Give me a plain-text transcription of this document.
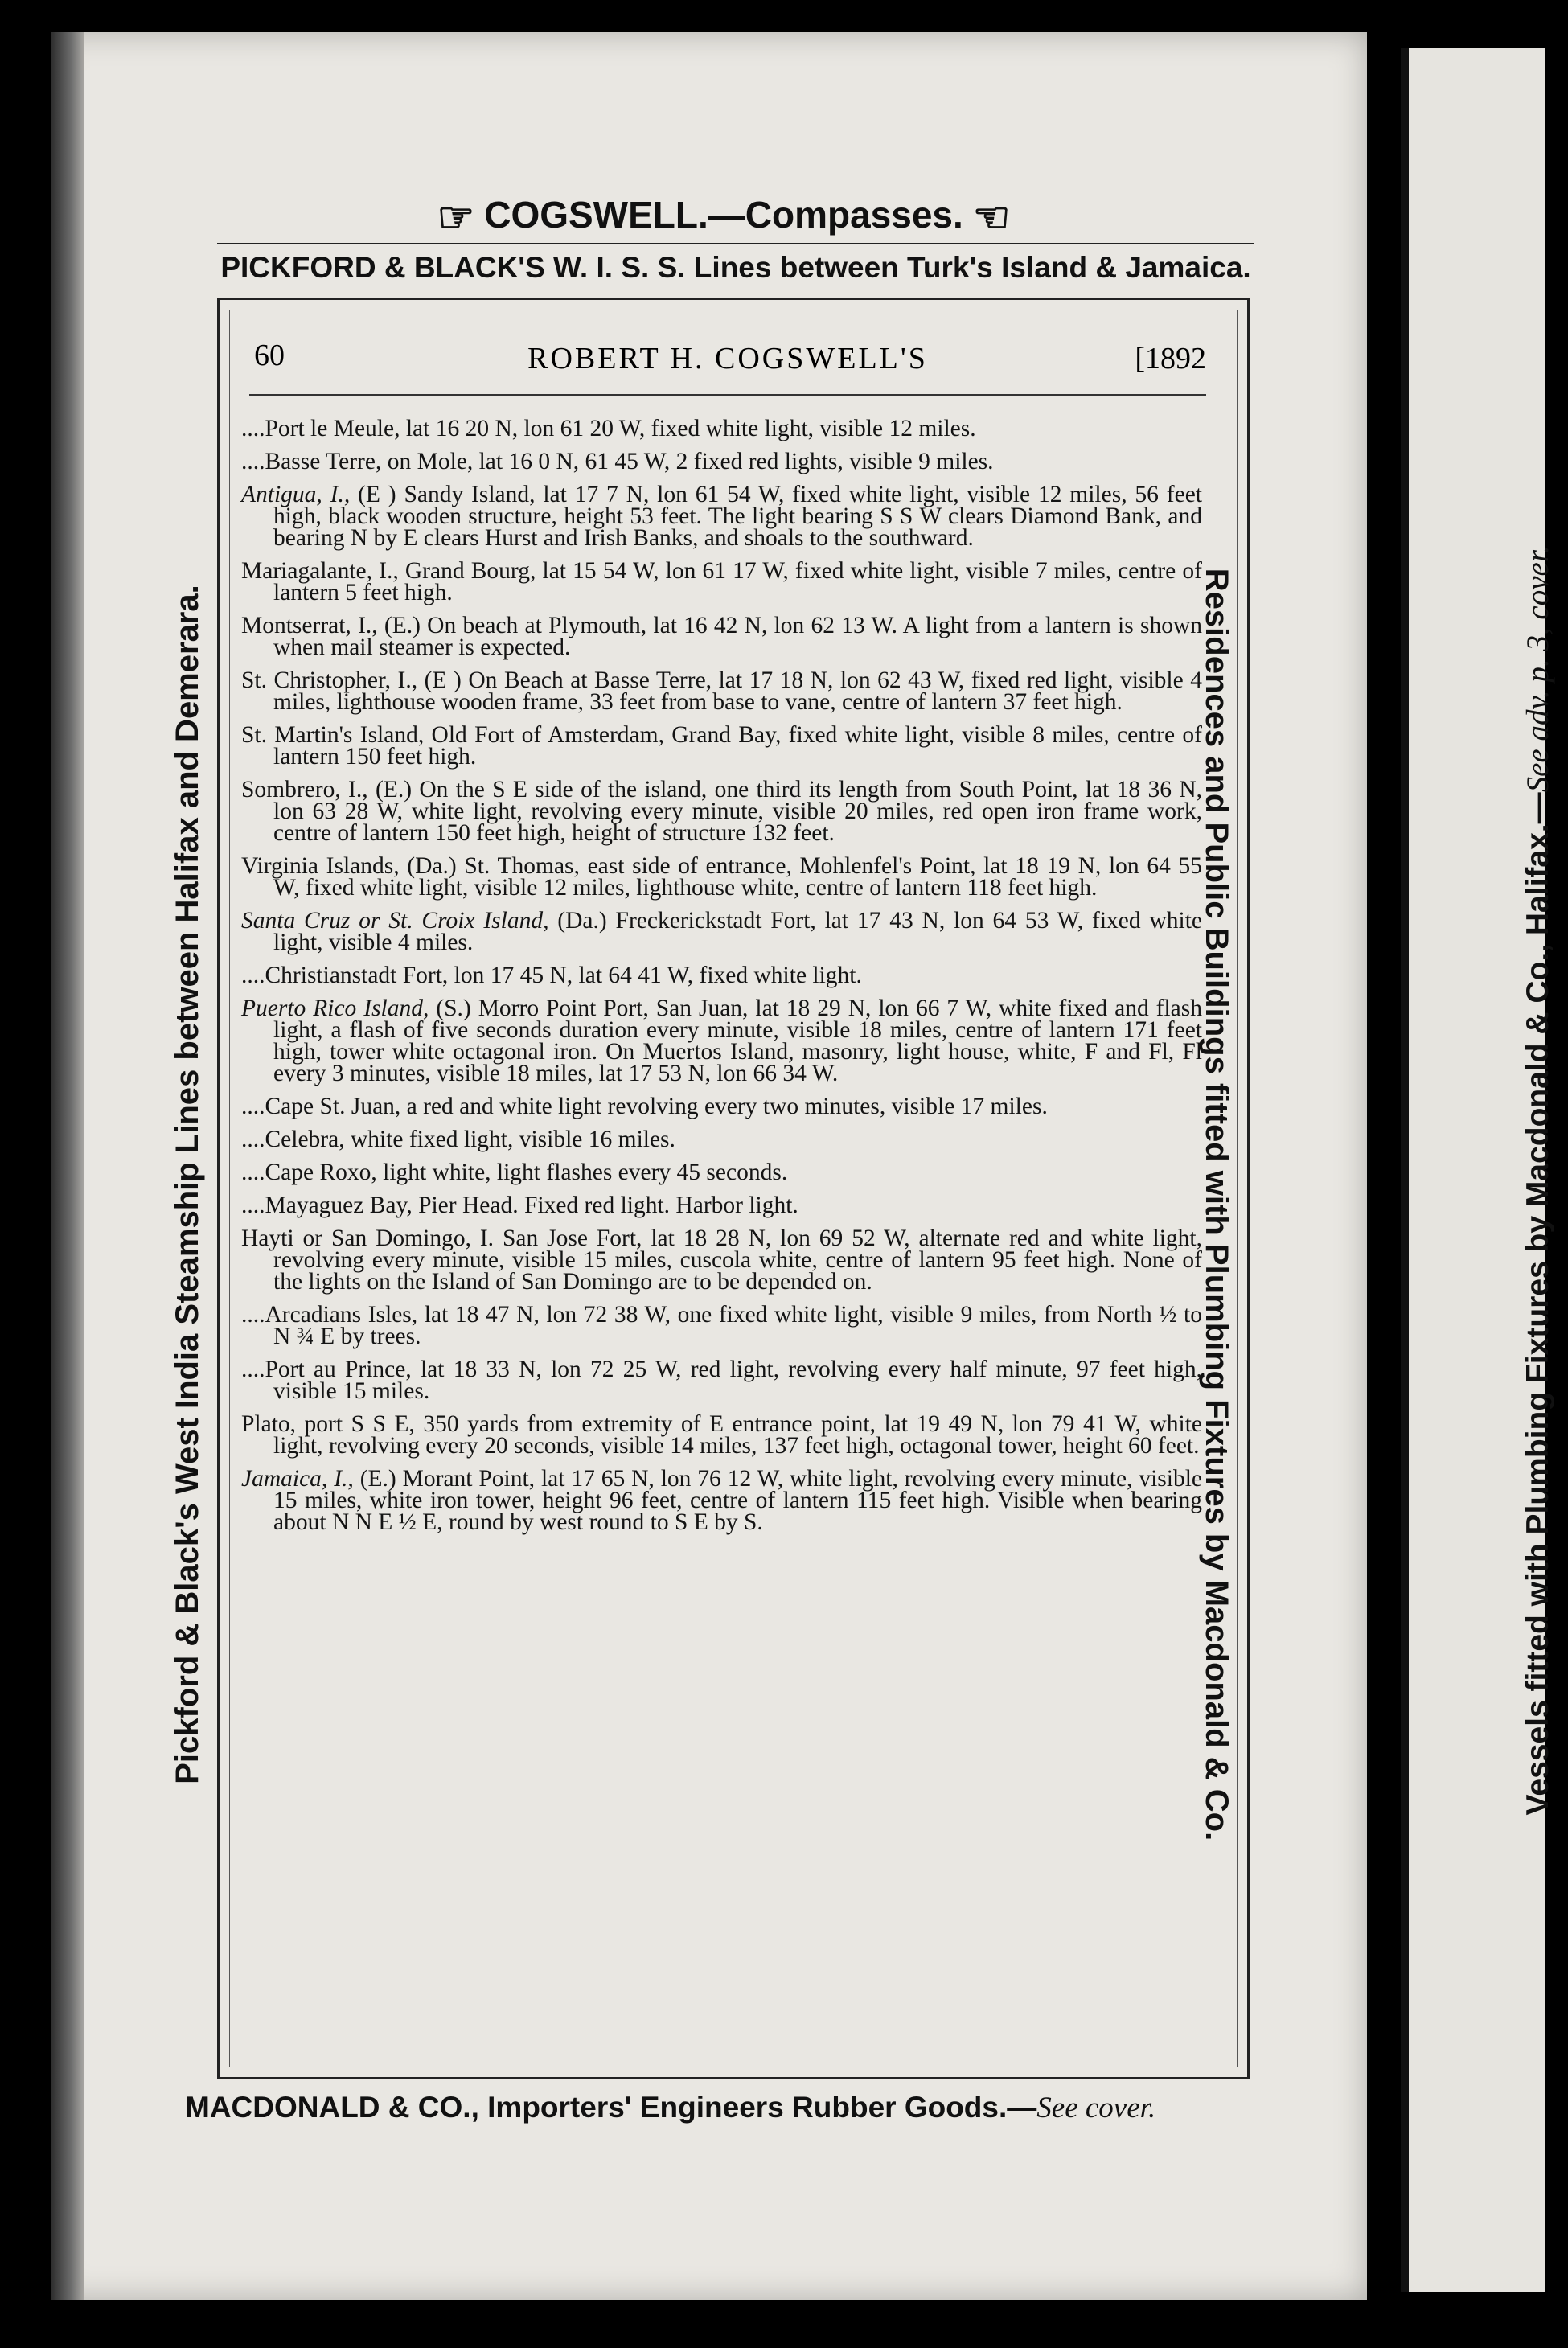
☞ COGSWELL.—Compasses. ☜
PICKFORD & BLACK'S W. I. S. S. Lines between Turk's Island & Jamaica.
Pickford & Black's West India Steamship Lines between Halifax and Demerara.	Residences and Public Buildings fitted with Plumbing Fixtures by Macdonald & Co.	Vessels fitted with Plumbing Fixtures by Macdonald & Co., Halifax.—See adv. p. 3, cover.
60	ROBERT H. COGSWELL'S	[1892

....Port le Meule, lat 16 20 N, lon 61 20 W, fixed white light, visible 12 miles.

....Basse Terre, on Mole, lat 16 0 N, 61 45 W, 2 fixed red lights, visible 9 miles.

Antigua, I., (E ) Sandy Island, lat 17 7 N, lon 61 54 W, fixed white light, visible 12 miles, 56 feet high, black wooden structure, height 53 feet. The light bearing S S W clears Diamond Bank, and bearing N by E clears Hurst and Irish Banks, and shoals to the southward.

Mariagalante, I., Grand Bourg, lat 15 54 W, lon 61 17 W, fixed white light, visible 7 miles, centre of lantern 5 feet high.

Montserrat, I., (E.) On beach at Plymouth, lat 16 42 N, lon 62 13 W. A light from a lantern is shown when mail steamer is expected.

St. Christopher, I., (E ) On Beach at Basse Terre, lat 17 18 N, lon 62 43 W, fixed red light, visible 4 miles, lighthouse wooden frame, 33 feet from base to vane, centre of lantern 37 feet high.

St. Martin's Island, Old Fort of Amsterdam, Grand Bay, fixed white light, visible 8 miles, centre of lantern 150 feet high.

Sombrero, I., (E.) On the S E side of the island, one third its length from South Point, lat 18 36 N, lon 63 28 W, white light, revolving every minute, visible 20 miles, red open iron frame work, centre of lantern 150 feet high, height of structure 132 feet.

Virginia Islands, (Da.) St. Thomas, east side of entrance, Mohlenfel's Point, lat 18 19 N, lon 64 55 W, fixed white light, visible 12 miles, lighthouse white, centre of lantern 118 feet high.

Santa Cruz or St. Croix Island, (Da.) Freckerickstadt Fort, lat 17 43 N, lon 64 53 W, fixed white light, visible 4 miles.

....Christianstadt Fort, lon 17 45 N, lat 64 41 W, fixed white light.

Puerto Rico Island, (S.) Morro Point Port, San Juan, lat 18 29 N, lon 66 7 W, white fixed and flash light, a flash of five seconds duration every minute, visible 18 miles, centre of lantern 171 feet high, tower white octagonal iron. On Muertos Island, masonry, light house, white, F and Fl, Fl every 3 minutes, visible 18 miles, lat 17 53 N, lon 66 34 W.

....Cape St. Juan, a red and white light revolving every two minutes, visible 17 miles.

....Celebra, white fixed light, visible 16 miles.

....Cape Roxo, light white, light flashes every 45 seconds.

....Mayaguez Bay, Pier Head. Fixed red light. Harbor light.

Hayti or San Domingo, I. San Jose Fort, lat 18 28 N, lon 69 52 W, alternate red and white light, revolving every minute, visible 15 miles, cuscola white, centre of lantern 95 feet high. None of the lights on the Island of San Domingo are to be depended on.

....Arcadians Isles, lat 18 47 N, lon 72 38 W, one fixed white light, visible 9 miles, from North ½ to N ¾ E by trees.

....Port au Prince, lat 18 33 N, lon 72 25 W, red light, revolving every half minute, 97 feet high, visible 15 miles.

Plato, port S S E, 350 yards from extremity of E entrance point, lat 19 49 N, lon 79 41 W, white light, revolving every 20 seconds, visible 14 miles, 137 feet high, octagonal tower, height 60 feet.

Jamaica, I., (E.) Morant Point, lat 17 65 N, lon 76 12 W, white light, revolving every minute, visible 15 miles, white iron tower, height 96 feet, centre of lantern 115 feet high. Visible when bearing about N N E ½ E, round by west round to S E by S.

MACDONALD & CO., Importers' Engineers Rubber Goods.—See cover.
